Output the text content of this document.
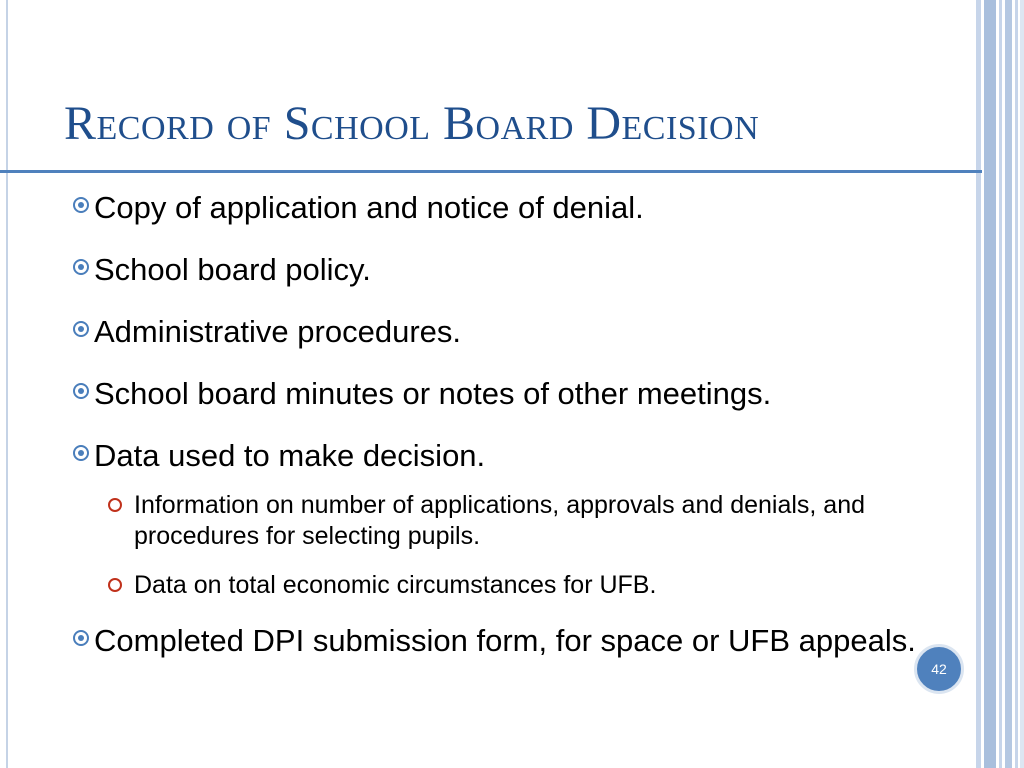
Record of School Board Decision
Copy of application and notice of denial.
School board policy.
Administrative procedures.
School board minutes or notes of other meetings.
Data used to make decision.
Information on number of applications, approvals and denials, and procedures for selecting pupils.
Data on total economic circumstances for UFB.
Completed DPI submission form, for space or UFB appeals.
42
